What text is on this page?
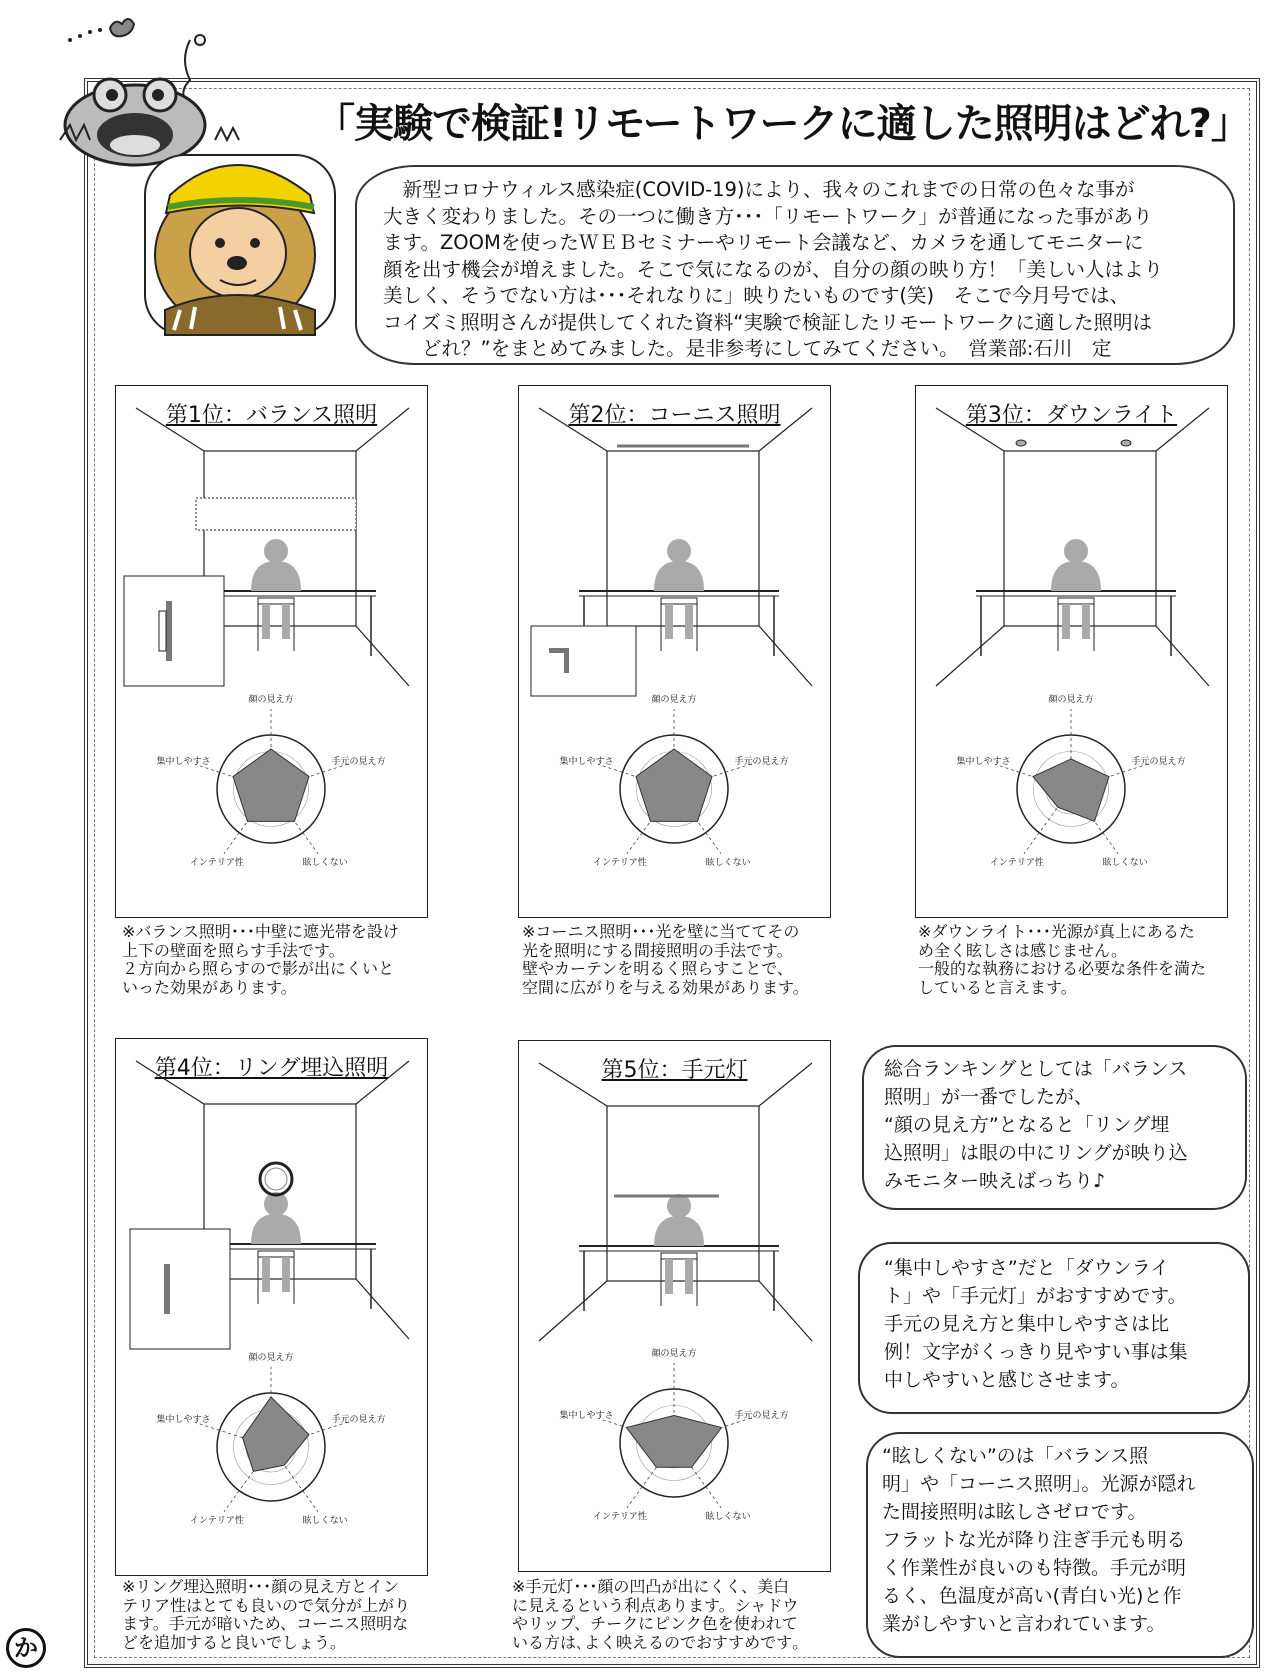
「実験で検証!リモートワークに適した照明はどれ?」

　新型コロナウィルス感染症(COVID-19)により、我々のこれまでの日常の色々な事が

大きく変わりました。その一つに働き方･･･「リモートワーク」が普通になった事があり

ます。ZOOMを使ったＷＥＢセミナーやリモート会議など、カメラを通してモニターに

顔を出す機会が増えました。そこで気になるのが、自分の顔の映り方！「美しい人はより

美しく、そうでない方は･･･それなりに」映りたいものです(笑)　そこで今月号では、

コイズミ照明さんが提供してくれた資料“実験で検証したリモートワークに適した照明は

　　どれ？”をまとめてみました。是非参考にしてみてください。　営業部:石川　定

第1位：バランス照明
顔の見え方
手元の見え方
眩しくない
インテリア性
集中しやすさ
第2位：コーニス照明
顔の見え方
手元の見え方
眩しくない
インテリア性
集中しやすさ
第3位：ダウンライト
顔の見え方
手元の見え方
眩しくない
インテリア性
集中しやすさ
第4位：リング埋込照明
顔の見え方
手元の見え方
眩しくない
インテリア性
集中しやすさ
第5位：手元灯
顔の見え方
手元の見え方
眩しくない
インテリア性
集中しやすさ
※バランス照明･･･中壁に遮光帯を設け
上下の壁面を照らす手法です。
２方向から照らすので影が出にくいと
いった効果があります。
※コーニス照明･･･光を壁に当ててその
光を照明にする間接照明の手法です。
壁やカーテンを明るく照らすことで、
空間に広がりを与える効果があります。
※ダウンライト･･･光源が真上にあるた
め全く眩しさは感じません。
一般的な執務における必要な条件を満た
していると言えます。
※リング埋込照明･･･顔の見え方とイン
テリア性はとても良いので気分が上がり
ます。手元が暗いため、コーニス照明な
どを追加すると良いでしょう。
※手元灯･･･顔の凹凸が出にくく、美白
に見えるという利点あります。シャドウ
やリップ、チークにピンク色を使われて
いる方は､よく映えるのでおすすめです｡
総合ランキングとしては「バランス
照明」が一番でしたが、
“顔の見え方”となると「リング埋
込照明」は眼の中にリングが映り込
みモニター映えばっちり♪
“集中しやすさ”だと「ダウンライ
ト」や「手元灯」がおすすめです。
手元の見え方と集中しやすさは比
例！文字がくっきり見やすい事は集
中しやすいと感じさせます。
“眩しくない”のは「バランス照
明」や「コーニス照明」。光源が隠れ
た間接照明は眩しさゼロです。
フラットな光が降り注ぎ手元も明る
く作業性が良いのも特徴。手元が明
るく、色温度が高い(青白い光)と作
業がしやすいと言われています。
か
